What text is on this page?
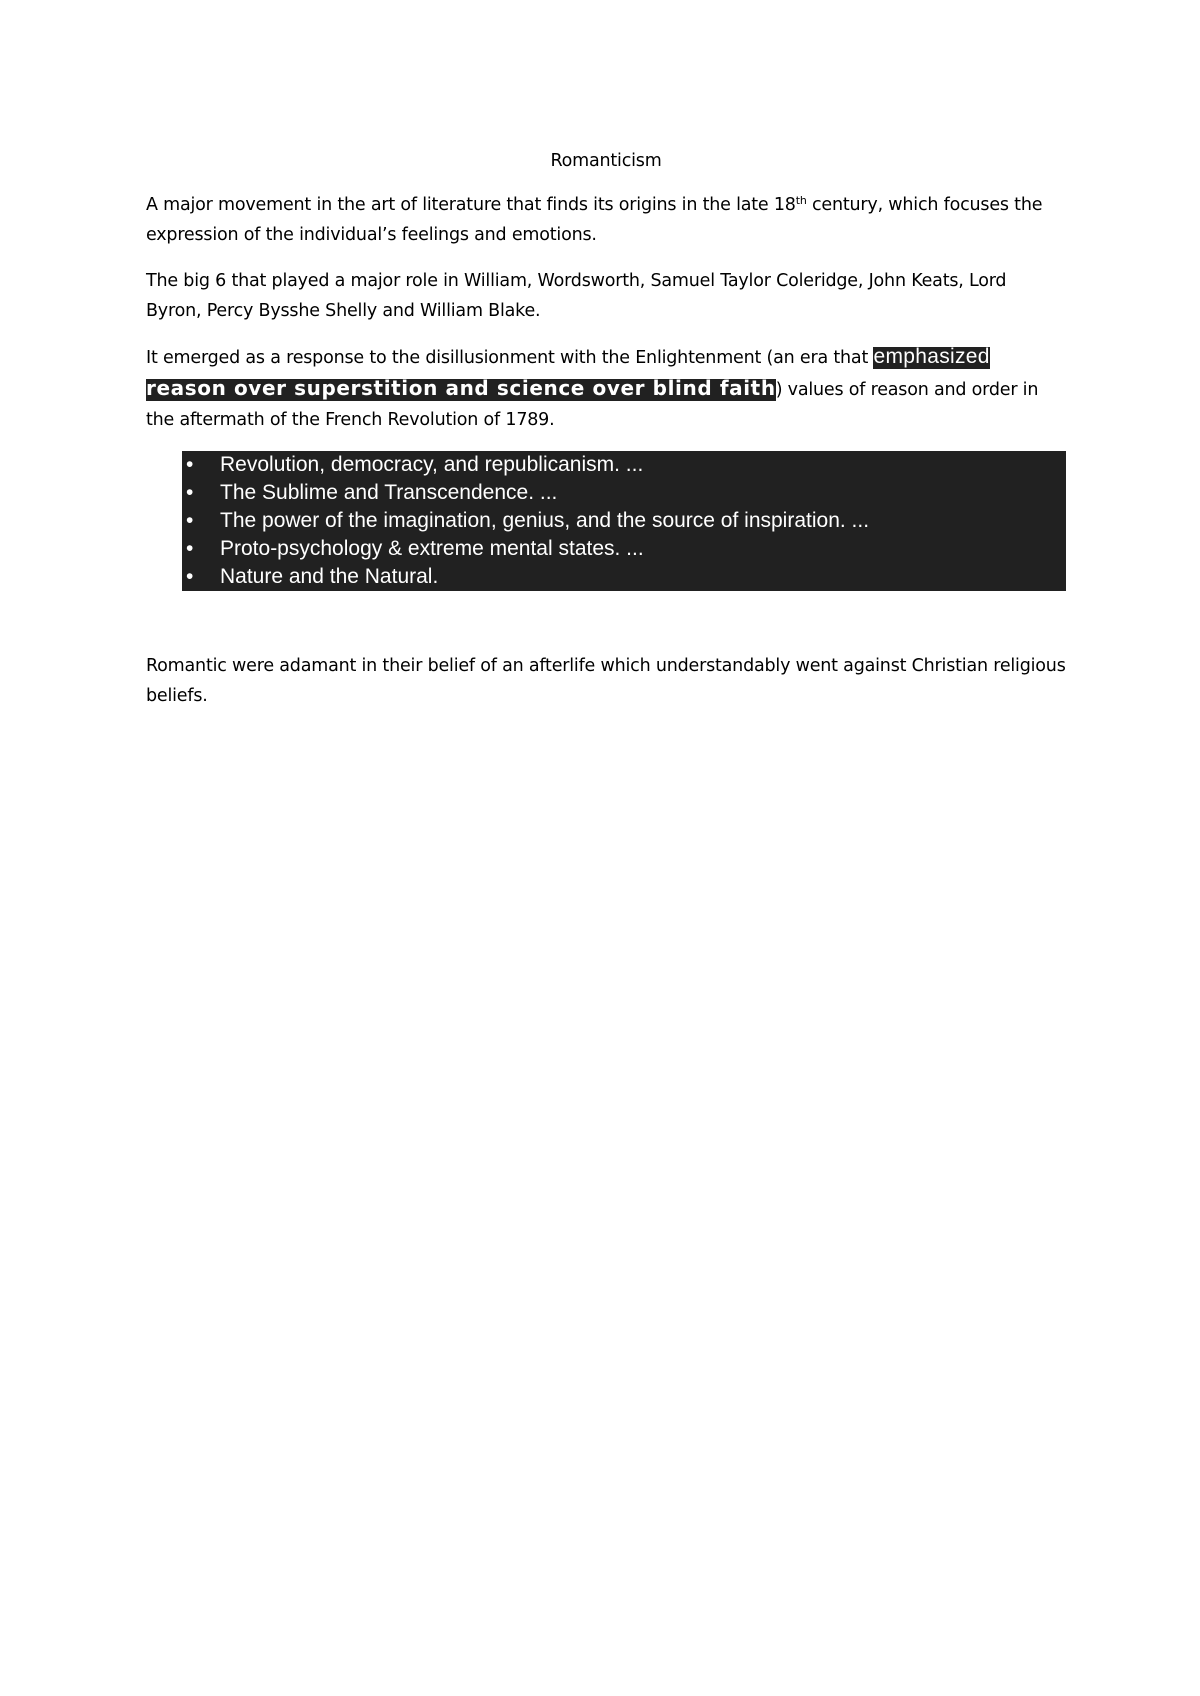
Romanticism

A major movement in the art of literature that finds its origins in the late 18th century, which focuses the expression of the individual’s feelings and emotions.

The big 6 that played a major role in William, Wordsworth, Samuel Taylor Coleridge, John Keats, Lord Byron, Percy Bysshe Shelly and William Blake.

It emerged as a response to the disillusionment with the Enlightenment (an era that emphasized reason over superstition and science over blind faith) values of reason and order in the aftermath of the French Revolution of 1789.

• Revolution, democracy, and republicanism. ...
• The Sublime and Transcendence. ...
• The power of the imagination, genius, and the source of inspiration. ...
• Proto-psychology & extreme mental states. ...
• Nature and the Natural.

Romantic were adamant in their belief of an afterlife which understandably went against Christian religious beliefs.
